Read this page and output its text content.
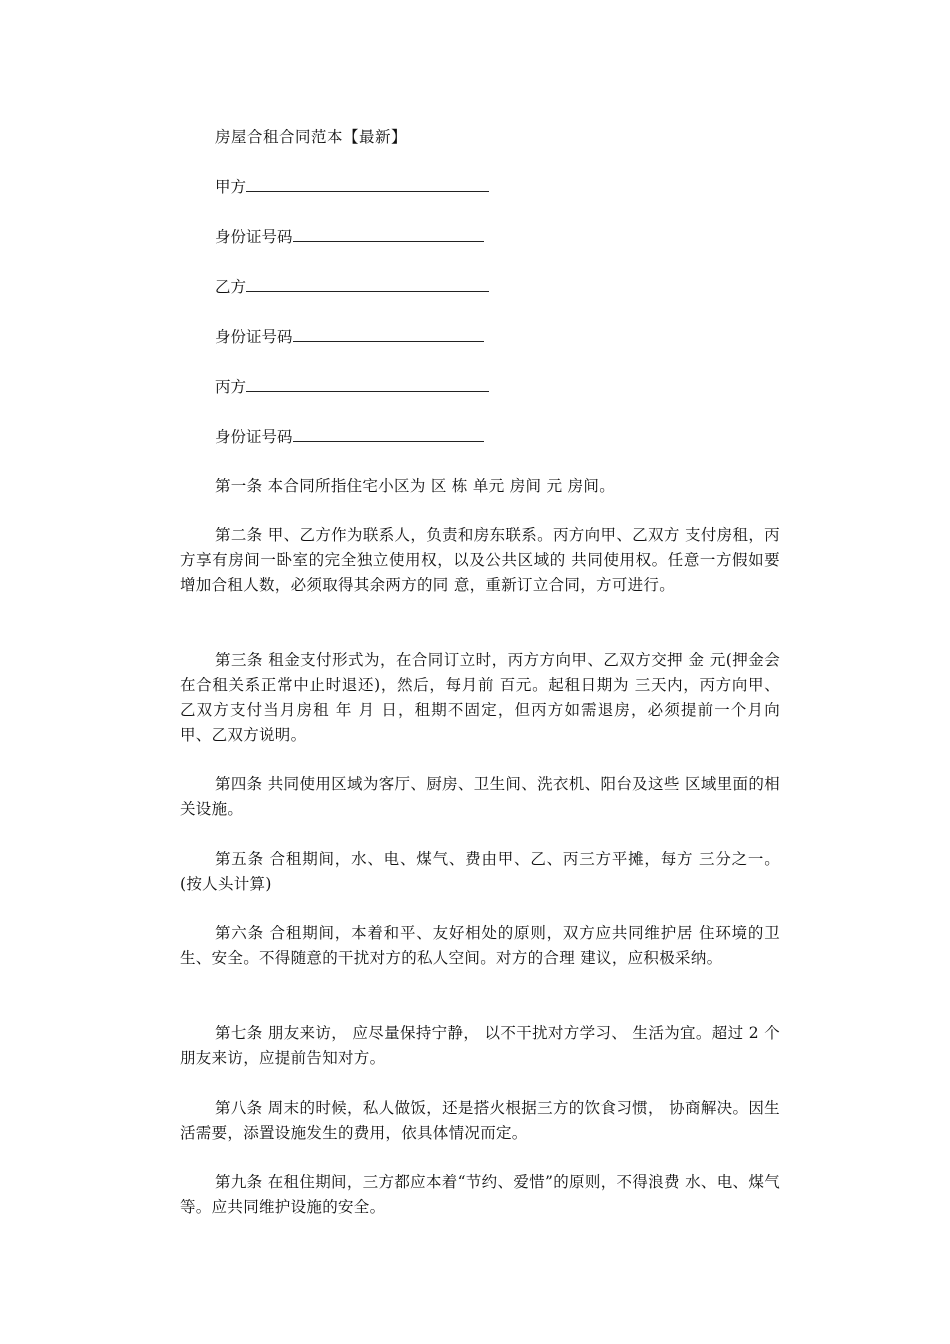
房屋合租合同范本【最新】
甲方
身份证号码
乙方
身份证号码
丙方
身份证号码

第一条 本合同所指住宅小区为 区 栋 单元 房间 元 房间。

第二条 甲、乙方作为联系人，负责和房东联系。丙方向甲、乙双方 支付房租，丙方享有房间一卧室的完全独立使用权，以及公共区域的 共同使用权。任意一方假如要增加合租人数，必须取得其余两方的同 意，重新订立合同，方可进行。

第三条 租金支付形式为，在合同订立时，丙方方向甲、乙双方交押 金 元(押金会在合租关系正常中止时退还)，然后，每月前 百元。起租日期为 三天内，丙方向甲、乙双方支付当月房租 年 月 日，租期不固定，但丙方如需退房，必须提前一个月向 甲、乙双方说明。

第四条 共同使用区域为客厅、厨房、卫生间、洗衣机、阳台及这些 区域里面的相关设施。

第五条 合租期间，水、电、煤气、费由甲、乙、丙三方平摊，每方 三分之一。(按人头计算)

第六条 合租期间，本着和平、友好相处的原则，双方应共同维护居 住环境的卫生、安全。不得随意的干扰对方的私人空间。对方的合理 建议，应积极采纳。

第七条 朋友来访， 应尽量保持宁静， 以不干扰对方学习、 生活为宜。超过 2 个朋友来访，应提前告知对方。

第八条 周末的时候，私人做饭，还是搭火根据三方的饮食习惯， 协商解决。因生活需要，添置设施发生的费用，依具体情况而定。

第九条 在租住期间，三方都应本着“节约、爱惜”的原则，不得浪费 水、电、煤气等。应共同维护设施的安全。
